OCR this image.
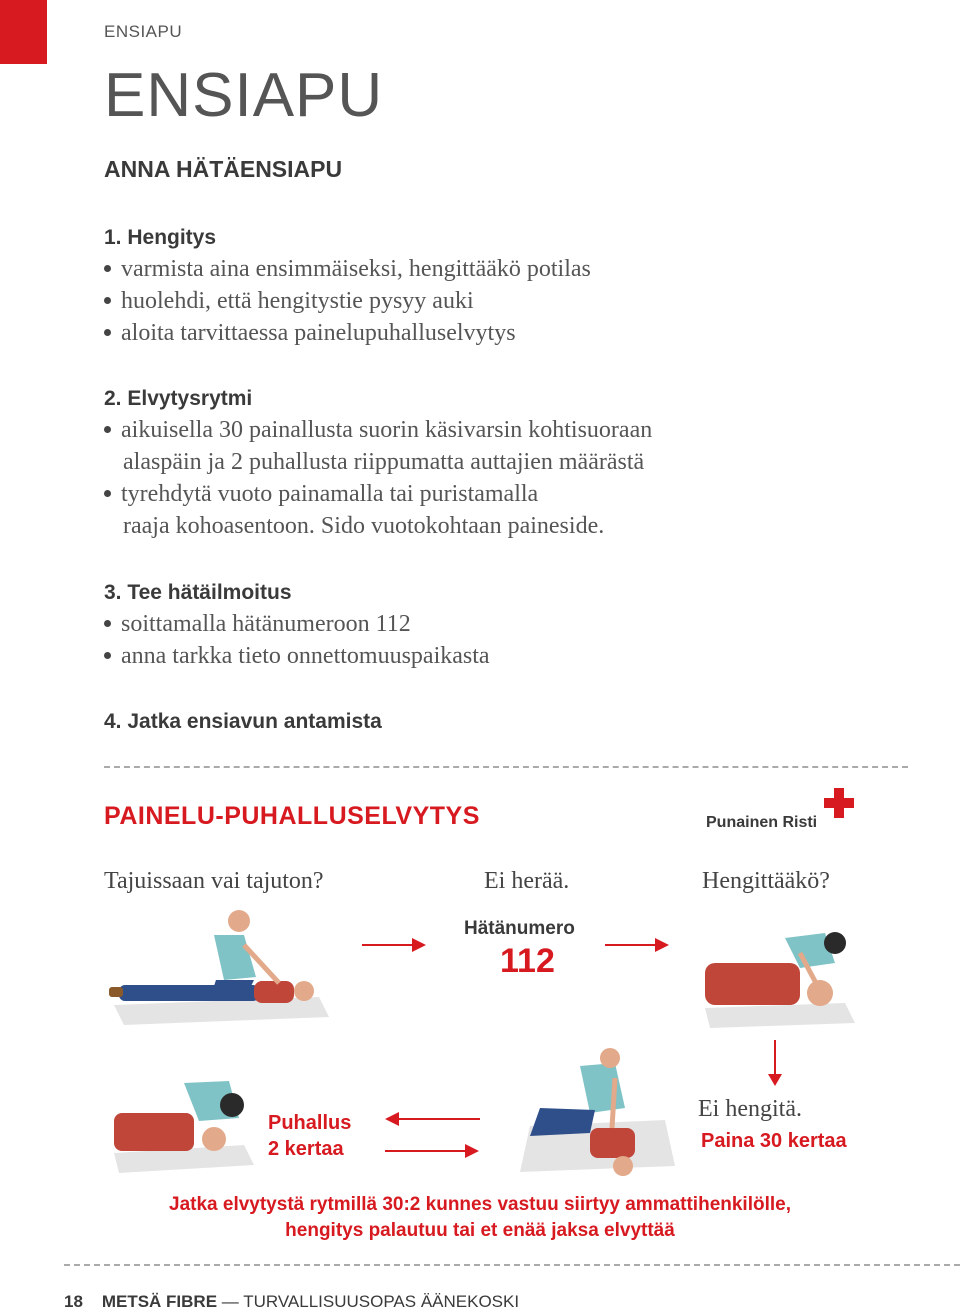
ENSIAPU
ENSIAPU
ANNA HÄTÄENSIAPU
1. Hengitys
varmista aina ensimmäiseksi, hengittääkö potilas
huolehdi, että hengitystie pysyy auki
aloita tarvittaessa painelupuhalluselvytys
2. Elvytysrytmi
aikuisella 30 painallusta suorin käsivarsin kohtisuoraan
alaspäin ja 2 puhallusta riippumatta auttajien määrästä
tyrehdytä vuoto painamalla tai puristamalla
raaja kohoasentoon. Sido vuotokohtaan paineside.
3. Tee hätäilmoitus
soittamalla hätänumeroon 112
anna tarkka tieto onnettomuuspaikasta
4. Jatka ensiavun antamista
PAINELU-PUHALLUSELVYTYS	Punainen Risti
Tajuissaan vai tajuton?	Ei herää.	Hengittääkö?
Hätänumero
112
Puhallus
2 kertaa
Ei hengitä.
Paina 30 kertaa
Jatka elvytystä rytmillä 30:2 kunnes vastuu siirtyy ammattihenkilölle,
hengitys palautuu tai et enää jaksa elvyttää
18 METSÄ FIBRE — TURVALLISUUSOPAS ÄÄNEKOSKI
